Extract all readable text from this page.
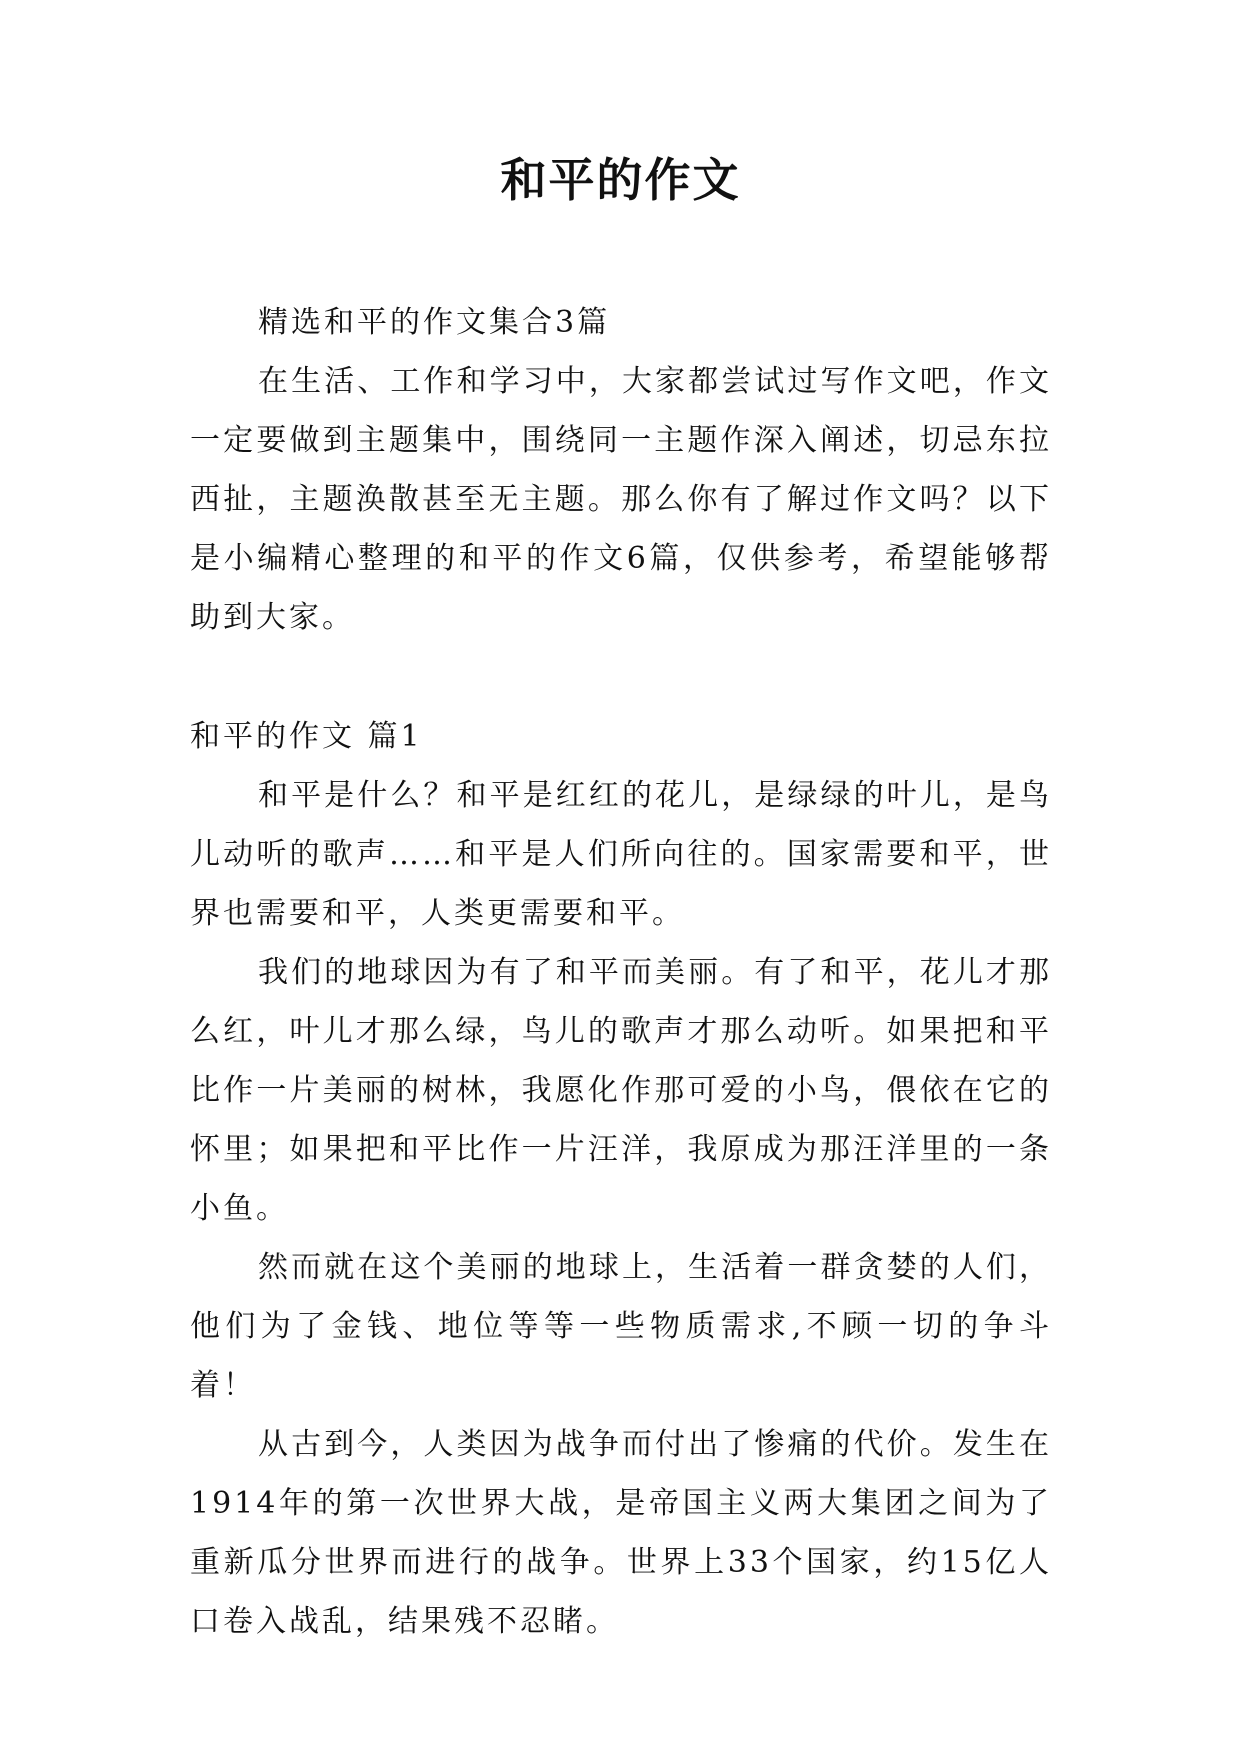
和平的作文

精选和平的作文集合3篇

在生活、工作和学习中，大家都尝试过写作文吧，作文一定要做到主题集中，围绕同一主题作深入阐述，切忌东拉西扯，主题涣散甚至无主题。那么你有了解过作文吗？以下是小编精心整理的和平的作文6篇，仅供参考，希望能够帮助到大家。

和平的作文 篇1

和平是什么？和平是红红的花儿，是绿绿的叶儿，是鸟儿动听的歌声……和平是人们所向往的。国家需要和平，世界也需要和平，人类更需要和平。

我们的地球因为有了和平而美丽。有了和平，花儿才那么红，叶儿才那么绿，鸟儿的歌声才那么动听。如果把和平比作一片美丽的树林，我愿化作那可爱的小鸟，偎依在它的怀里；如果把和平比作一片汪洋，我原成为那汪洋里的一条小鱼。

然而就在这个美丽的地球上，生活着一群贪婪的人们，他们为了金钱、地位等等一些物质需求,不顾一切的争斗着！

从古到今，人类因为战争而付出了惨痛的代价。发生在1914年的第一次世界大战，是帝国主义两大集团之间为了重新瓜分世界而进行的战争。世界上33个国家，约15亿人口卷入战乱，结果残不忍睹。
